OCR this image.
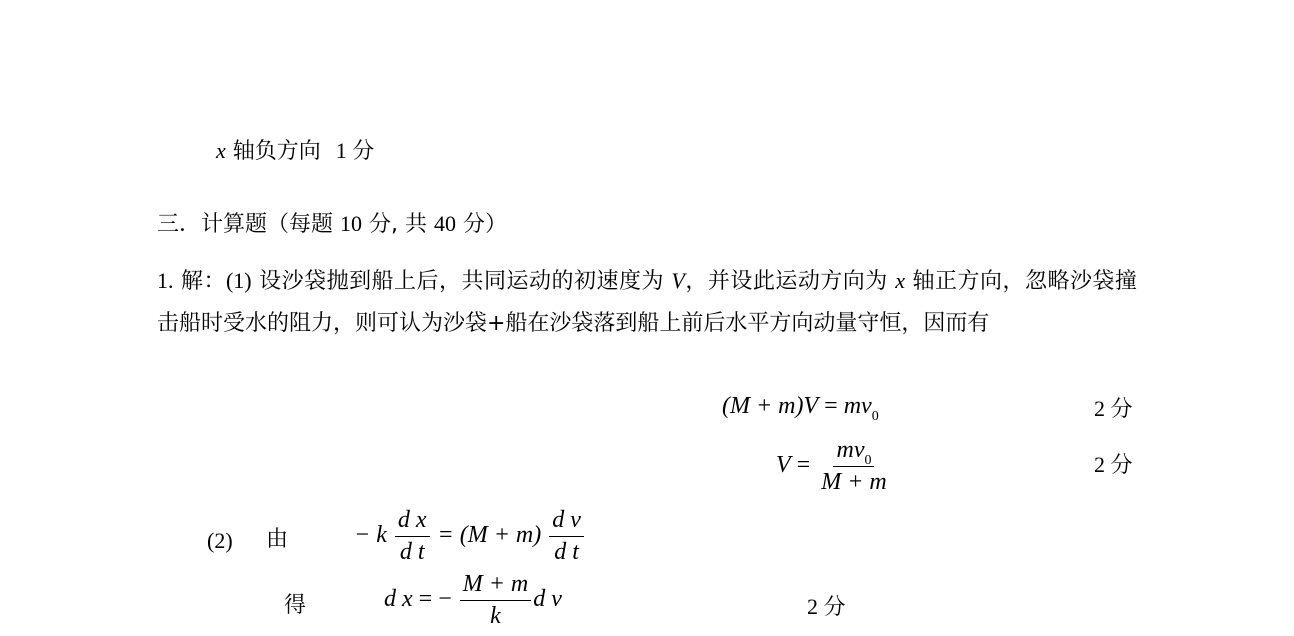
x 轴负方向 1 分
三．计算题（每题 10 分, 共 40 分）
1. 解：(1) 设沙袋抛到船上后，共同运动的初速度为 V，并设此运动方向为 x 轴正方向，忽略沙袋撞击船时受水的阻力，则可认为沙袋+船在沙袋落到船上前后水平方向动量守恒，因而有
$(M + m)V = mv_0$	2 分
$V = \frac{mv_0}{M + m}$	2 分
(2) 由	− k $\frac{\text{d x}}{\text{d t}} = (M + m) \frac{\text{d v}}{\text{d t}}$
得	d x = − $\frac{M + m}{k}$ d v	2 分
